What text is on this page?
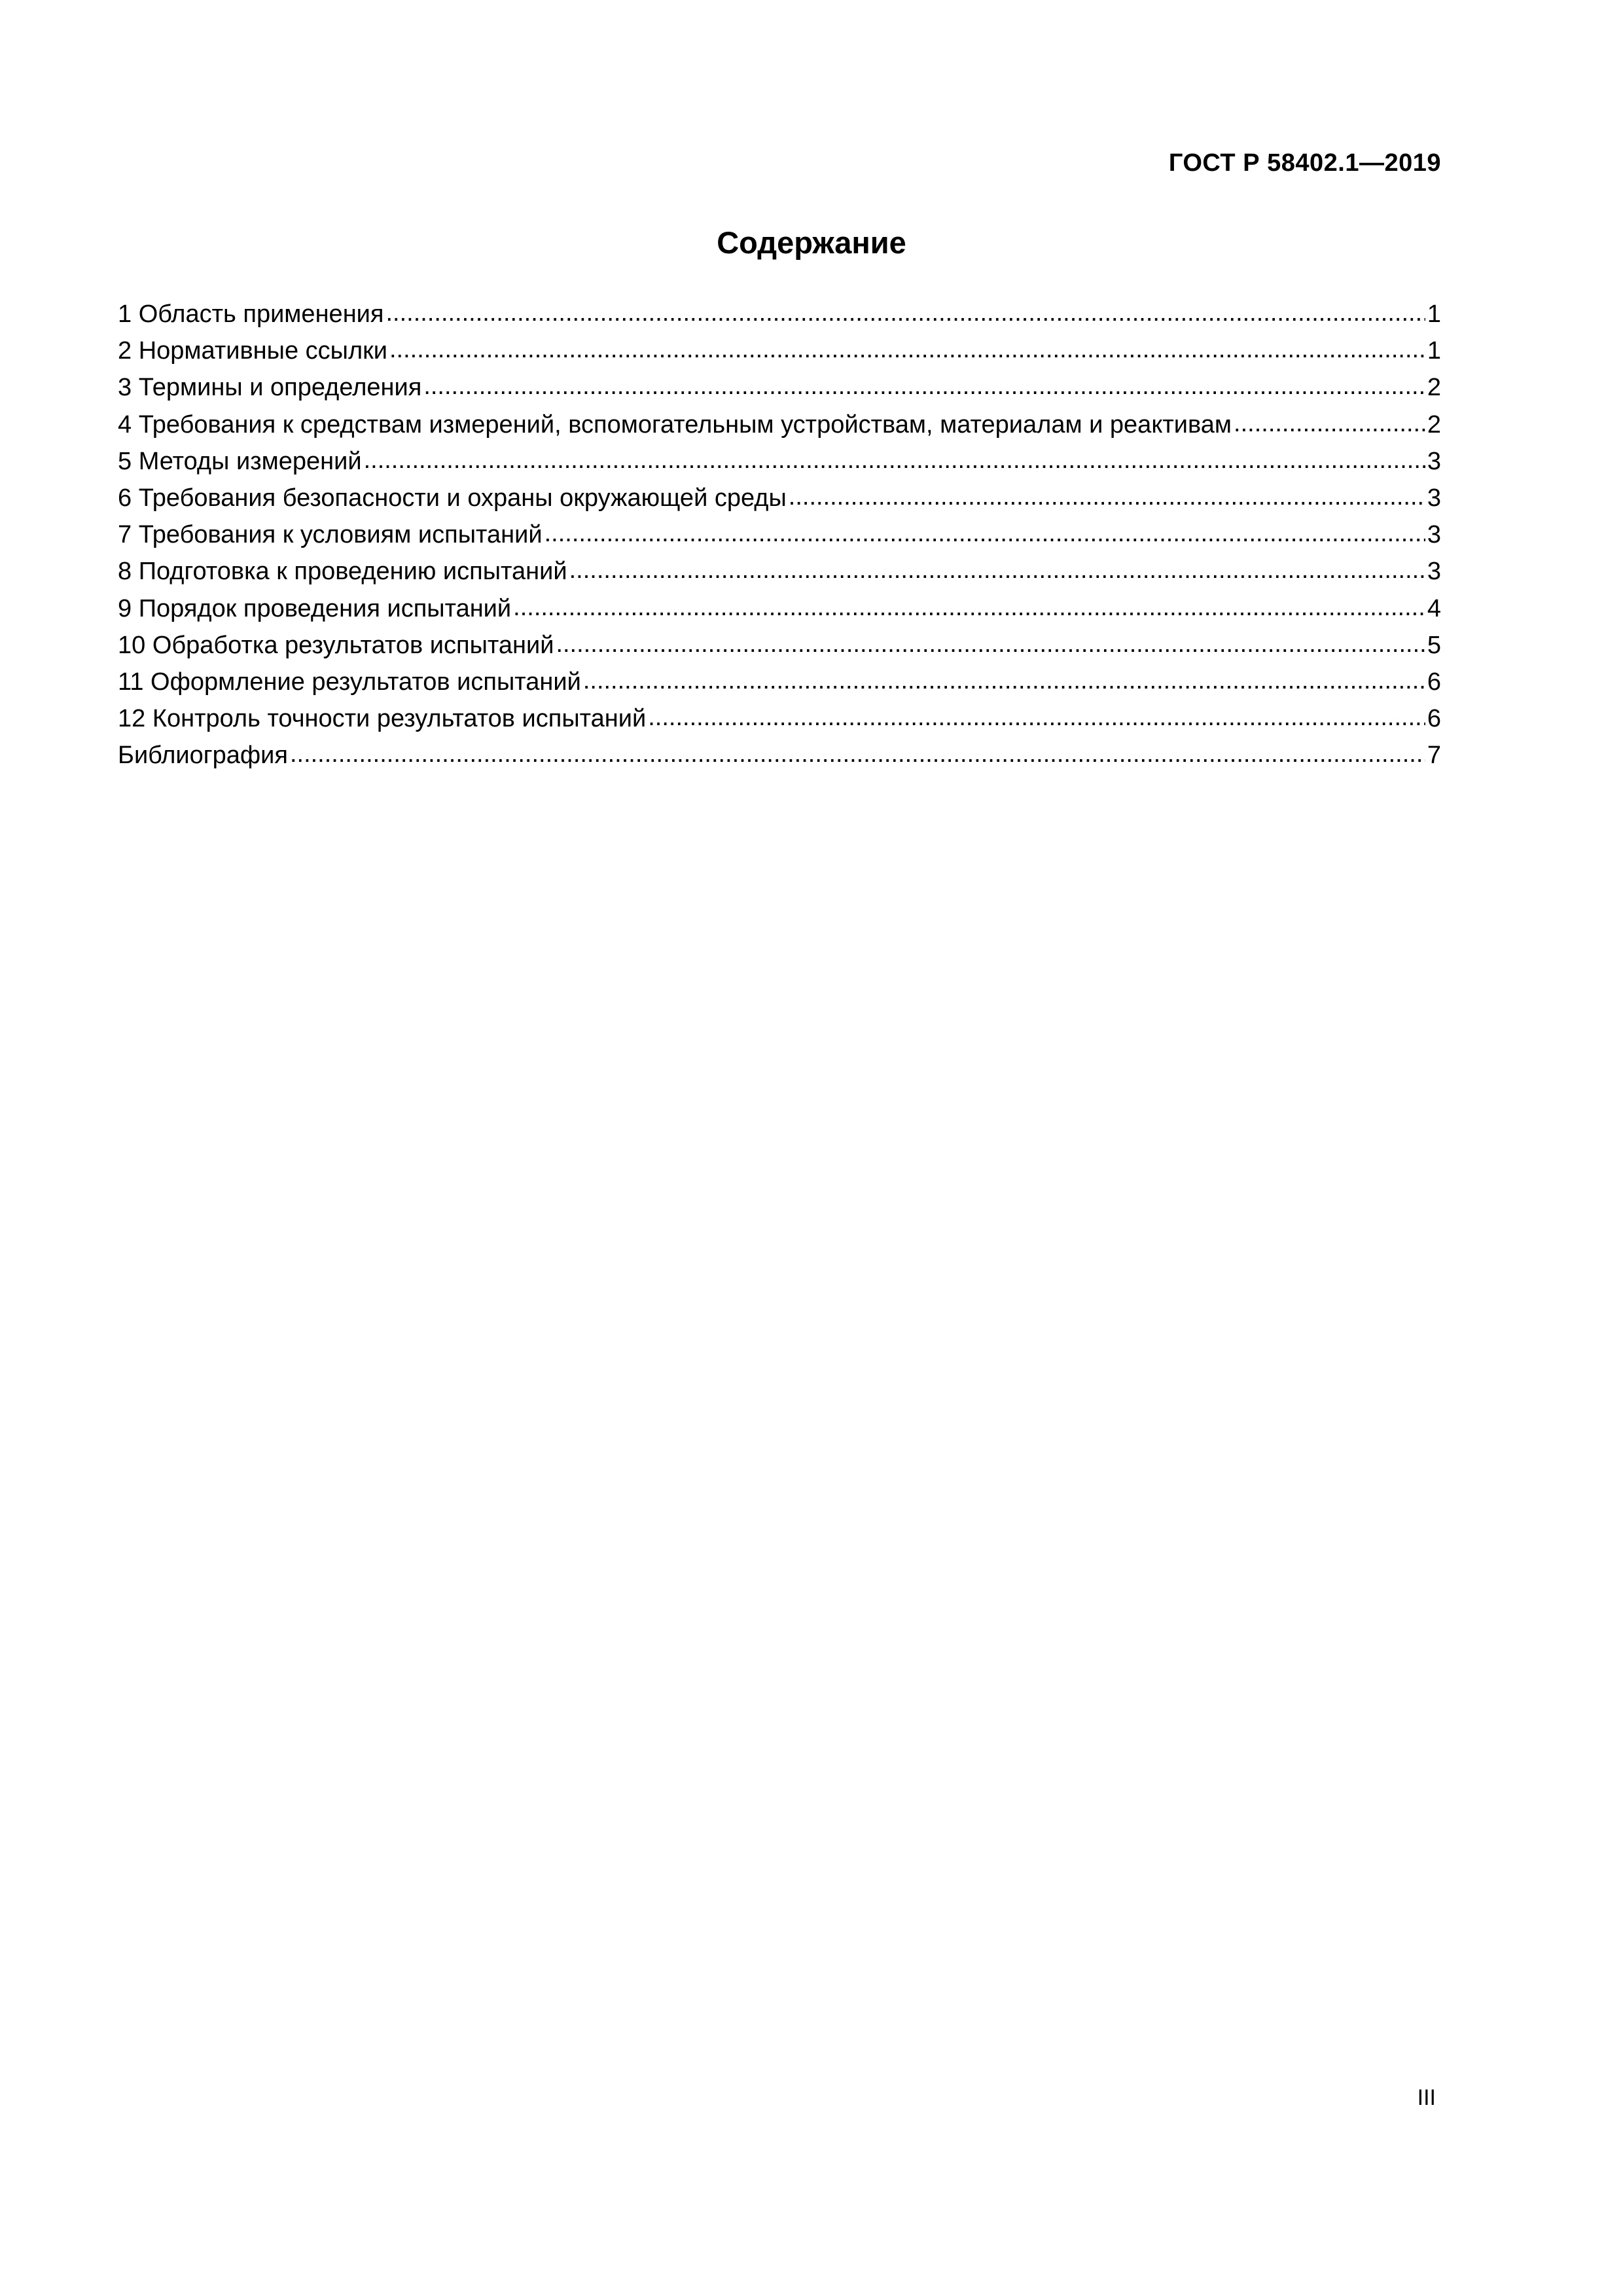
ГОСТ Р 58402.1—2019
Содержание
1 Область применения .....	1
2 Нормативные ссылки .....	1
3 Термины и определения .....	2
4 Требования к средствам измерений, вспомогательным устройствам, материалам и реактивам .....	2
5 Методы измерений .....	3
6 Требования безопасности и охраны окружающей среды .....	3
7 Требования к условиям испытаний .....	3
8 Подготовка к проведению испытаний .....	3
9 Порядок проведения испытаний .....	4
10 Обработка результатов испытаний .....	5
11 Оформление результатов испытаний .....	6
12 Контроль точности результатов испытаний .....	6
Библиография .....	7
III
